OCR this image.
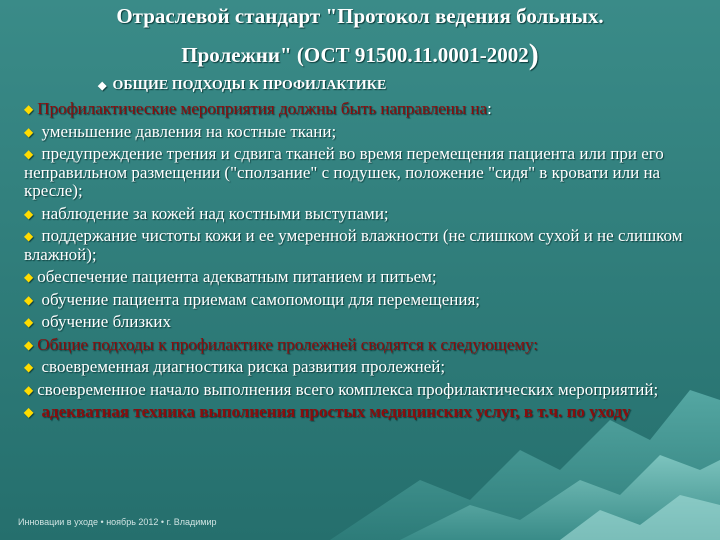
Отраслевой стандарт "Протокол ведения больных.
Пролежни" (ОСТ 91500.11.0001-2002)
◆ ОБЩИЕ ПОДХОДЫ К ПРОФИЛАКТИКЕ
◆ Профилактические мероприятия должны быть направлены на:
◆ уменьшение давления на костные ткани;
◆ предупреждение трения и сдвига тканей во время перемещения пациента или при его неправильном размещении ("сползание" с подушек, положение "сидя" в кровати или на кресле);
◆ наблюдение за кожей над костными выступами;
◆ поддержание чистоты кожи и ее умеренной влажности (не слишком сухой и не слишком влажной);
◆ обеспечение пациента адекватным питанием и питьем;
◆ обучение пациента приемам самопомощи для перемещения;
◆ обучение близких
◆ Общие подходы к профилактике пролежней сводятся к следующему:
◆ своевременная диагностика риска развития пролежней;
◆ своевременное начало выполнения всего комплекса профилактических мероприятий;
◆ адекватная техника выполнения простых медицинских услуг, в т.ч. по уходу
Инновации в уходе • ноябрь 2012 • г. Владимир
